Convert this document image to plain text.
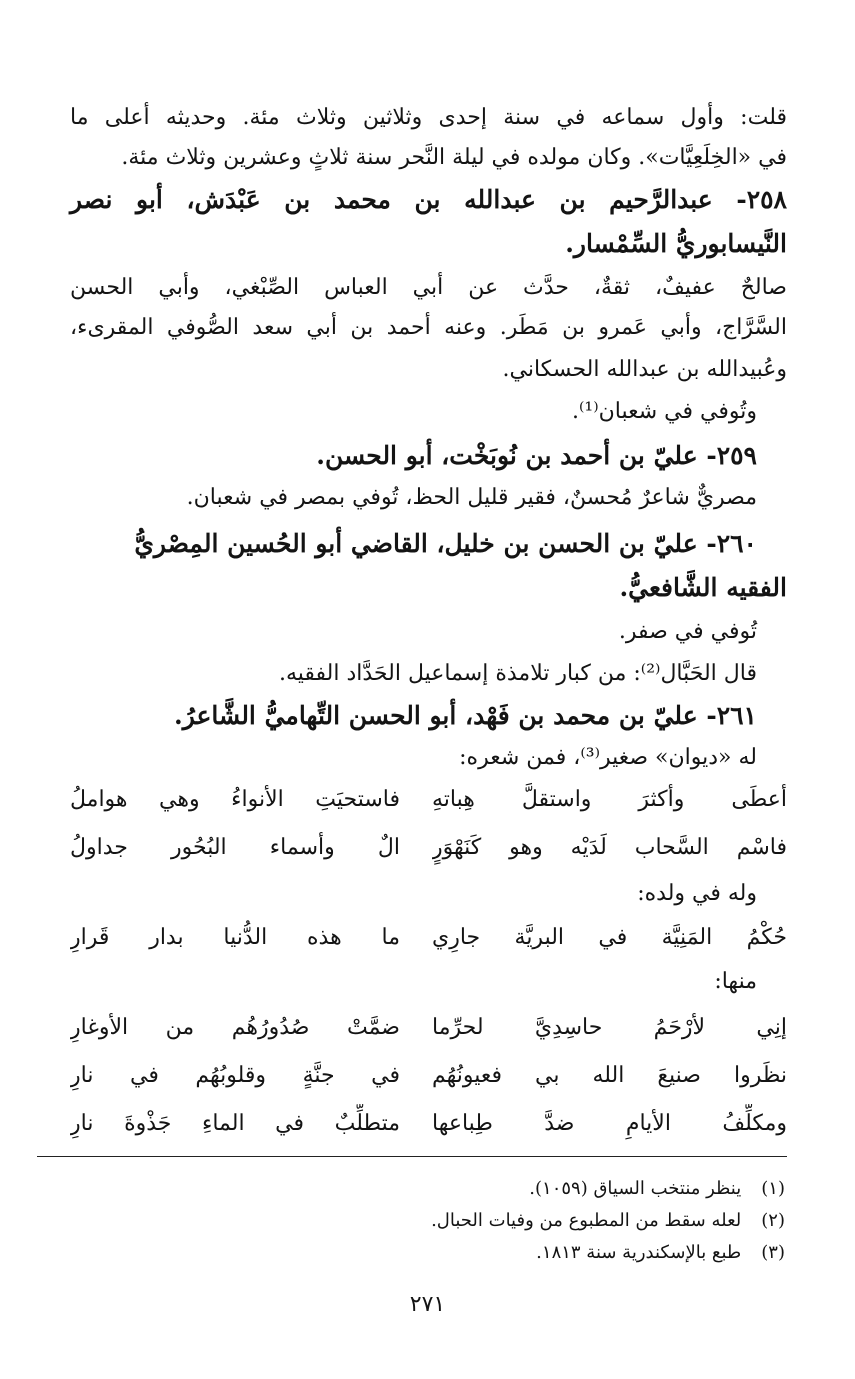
قلت: وأول سماعه في سنة إحدى وثلاثين وثلاث مئة. وحديثه أعلى ما
في «الخِلَعِيَّات». وكان مولده في ليلة النَّحر سنة ثلاثٍ وعشرين وثلاث مئة.
٢٥٨- عبدالرَّحيم بن عبدالله بن محمد بن عَبْدَش، أبو نصر
النَّيسابوريُّ السِّمْسار.
صالحٌ عفيفٌ، ثقةٌ، حدَّث عن أبي العباس الصِّبْغي، وأبي الحسن
السَّرَّاج، وأبي عَمرو بن مَطَر. وعنه أحمد بن أبي سعد الصُّوفي المقرىء،
وعُبيدالله بن عبدالله الحسكاني.
وتُوفي في شعبان⁽¹⁾.
٢٥٩- عليّ بن أحمد بن نُوبَخْت، أبو الحسن.
مصريٌّ شاعرٌ مُحسنٌ، فقير قليل الحظ، تُوفي بمصر في شعبان.
٢٦٠- عليّ بن الحسن بن خليل، القاضي أبو الحُسين المِصْريُّ
الفقيه الشَّافعيُّ.
تُوفي في صفر.
قال الحَبَّال⁽²⁾: من كبار تلامذة إسماعيل الحَدَّاد الفقيه.
٢٦١- عليّ بن محمد بن فَهْد، أبو الحسن التِّهاميُّ الشَّاعرُ.
له «ديوان» صغير⁽³⁾، فمن شعره:
أعطَى وأكثرَ واستقلَّ هِباتهِ
فاستحيَتِ الأنواءُ وهي هواملُ
فاسْم السَّحاب لَدَيْه وهو كَنَهْوَرٍ
الٌ وأسماء البُحُور جداولُ
وله في ولده:
حُكْمُ المَنِيَّة في البريَّة جارِي
ما هذه الدُّنيا بدار قَرارِ
منها:
إنِي لأرْحَمُ حاسِدِيَّ لحرِّما
ضمَّتْ صُدُورُهُم من الأوغارِ
نظَروا صنيعَ الله بي فعيونُهُم
في جنَّةٍ وقلوبُهُم في نارِ
ومكلِّفُ الأيامِ ضدَّ طِباعها
متطلِّبٌ في الماءِ جَذْوةَ نارِ
(١) ينظر منتخب السياق (١٠٥٩).
(٢) لعله سقط من المطبوع من وفيات الحبال.
(٣) طبع بالإسكندرية سنة ١٨١٣.
٢٧١
